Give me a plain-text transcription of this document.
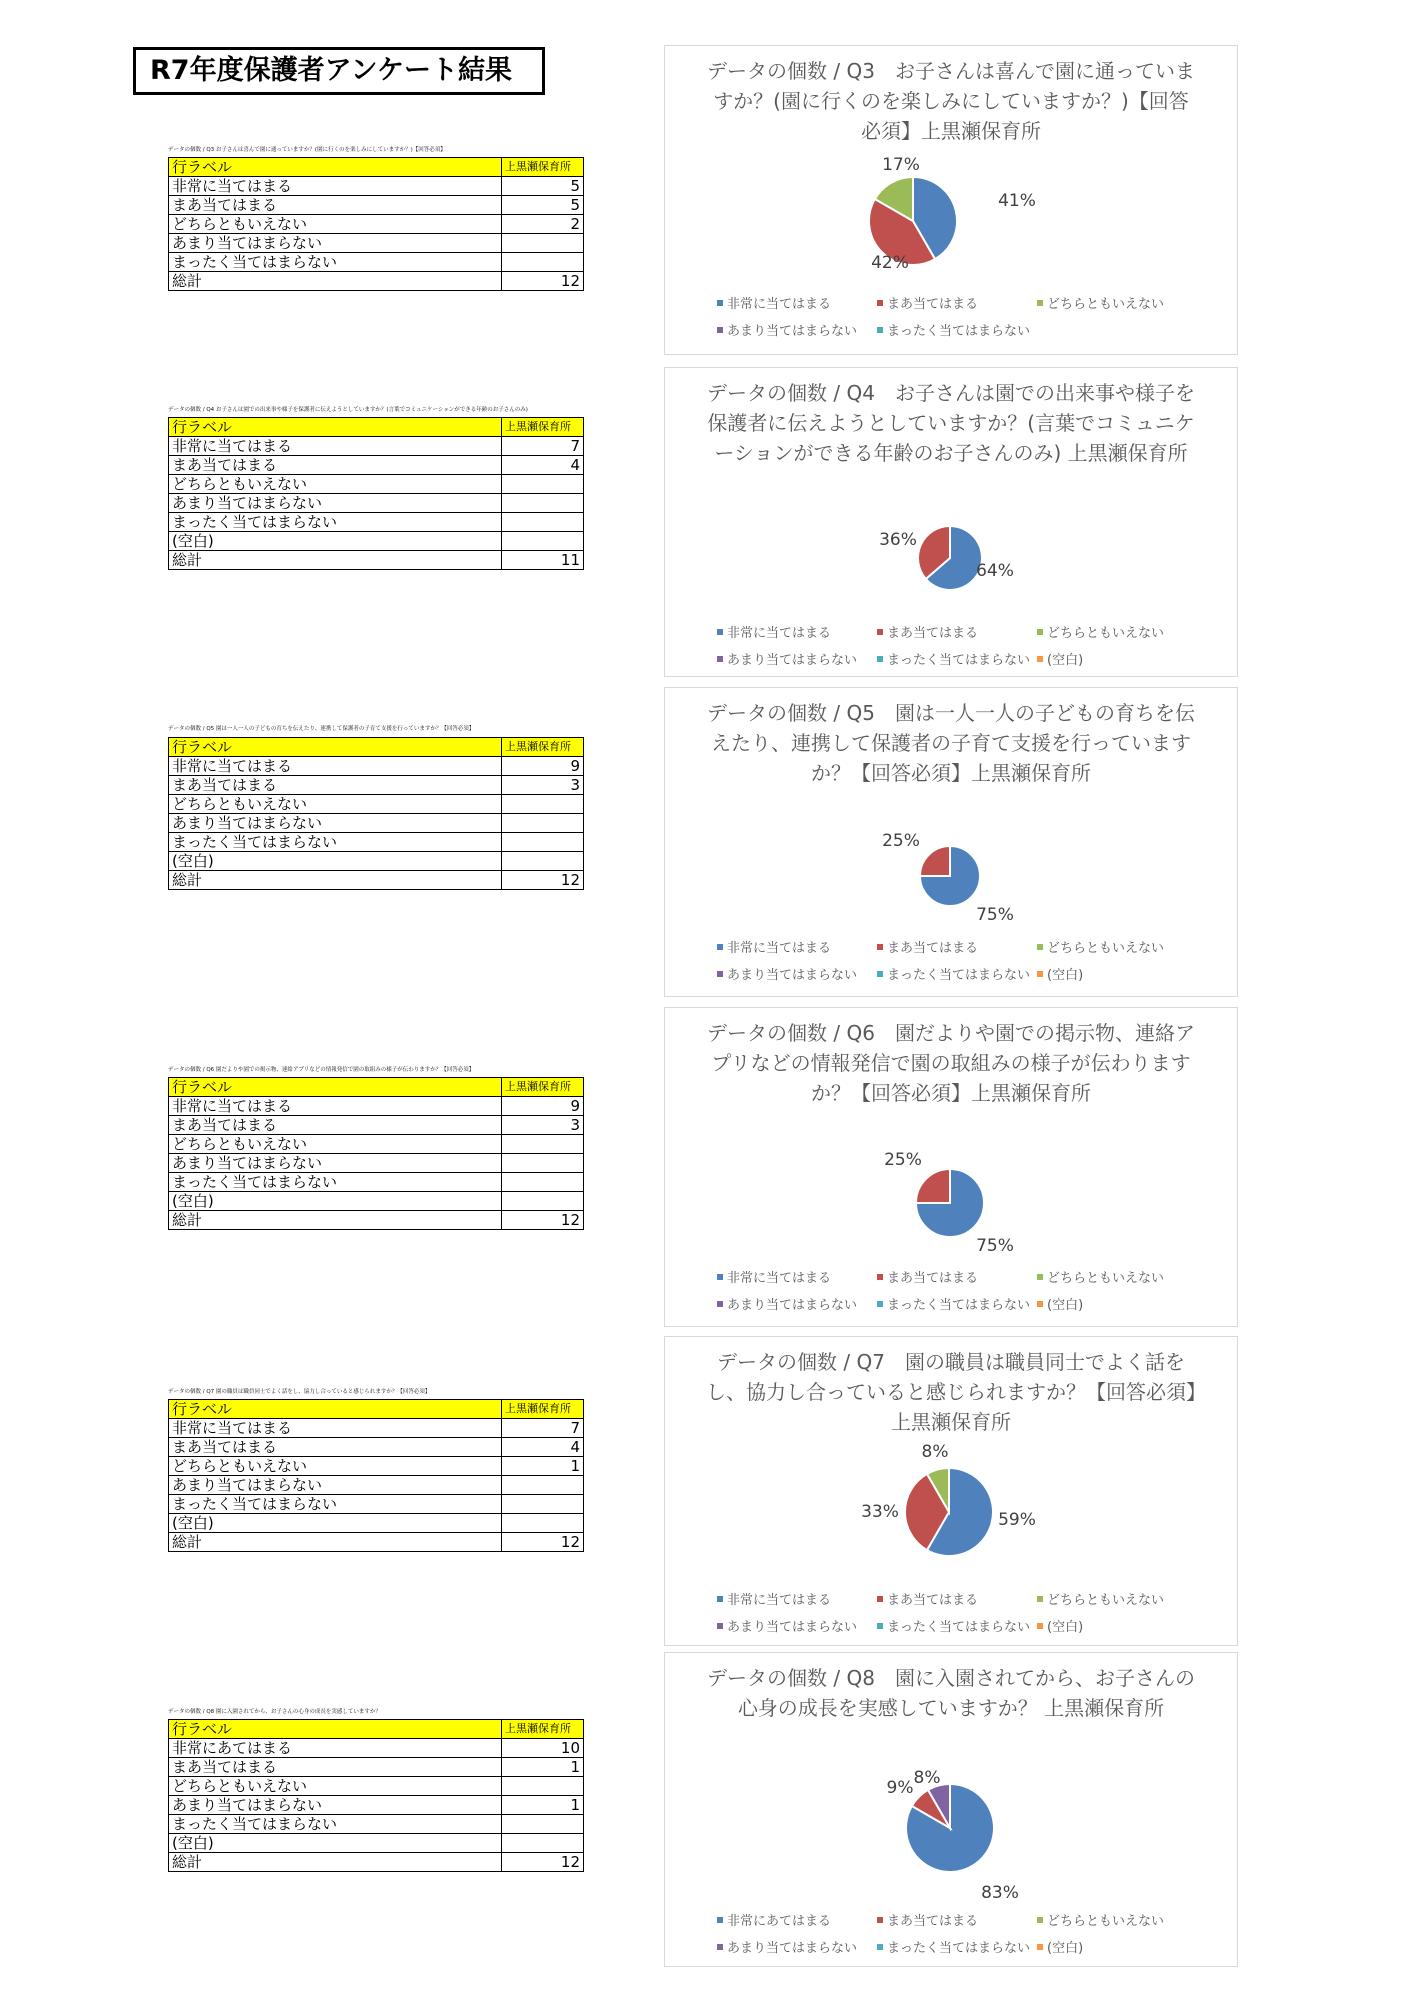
R7年度保護者アンケート結果
データの個数 / Q3 お子さんは喜んで園に通っていますか？(園に行くのを楽しみにしていますか？)【回答必須】
行ラベル	上黒瀬保育所
非常に当てはまる	5
まあ当てはまる	5
どちらともいえない	2
あまり当てはまらない	
まったく当てはまらない	
総計	12
データの個数 / Q3　お子さんは喜んで園に通っていますか？(園に行くのを楽しみにしていますか？)【回答必須】上黒瀬保育所
41%
42%
17%
非常に当てはまる	まあ当てはまる	どちらともいえない
あまり当てはまらない まったく当てはまらない
データの個数 / Q4 お子さんは園での出来事や様子を保護者に伝えようとしていますか？(言葉でコミュニケーションができる年齢のお子さんのみ)
行ラベル	上黒瀬保育所
非常に当てはまる	7
まあ当てはまる	4
どちらともいえない	
あまり当てはまらない	
まったく当てはまらない	
(空白)	
総計	11
データの個数 / Q4　お子さんは園での出来事や様子を保護者に伝えようとしていますか？(言葉でコミュニケーションができる年齢のお子さんのみ) 上黒瀬保育所
64%
36%
非常に当てはまる	まあ当てはまる	どちらともいえない
あまり当てはまらない まったく当てはまらない (空白)
データの個数 / Q5 園は一人一人の子どもの育ちを伝えたり、連携して保護者の子育て支援を行っていますか？【回答必須】
行ラベル	上黒瀬保育所
非常に当てはまる	9
まあ当てはまる	3
どちらともいえない	
あまり当てはまらない	
まったく当てはまらない	
(空白)	
総計	12
データの個数 / Q5　園は一人一人の子どもの育ちを伝えたり、連携して保護者の子育て支援を行っていますか？【回答必須】上黒瀬保育所
75%
25%
非常に当てはまる	まあ当てはまる	どちらともいえない
あまり当てはまらない まったく当てはまらない (空白)
データの個数 / Q6 園だよりや園での掲示物、連絡アプリなどの情報発信で園の取組みの様子が伝わりますか？【回答必須】
行ラベル	上黒瀬保育所
非常に当てはまる	9
まあ当てはまる	3
どちらともいえない	
あまり当てはまらない	
まったく当てはまらない	
(空白)	
総計	12
データの個数 / Q6　園だよりや園での掲示物、連絡アプリなどの情報発信で園の取組みの様子が伝わりますか？【回答必須】上黒瀬保育所
75%
25%
非常に当てはまる	まあ当てはまる	どちらともいえない
あまり当てはまらない まったく当てはまらない (空白)
データの個数 / Q7 園の職員は職員同士でよく話をし、協力し合っていると感じられますか？【回答必須】
行ラベル	上黒瀬保育所
非常に当てはまる	7
まあ当てはまる	4
どちらともいえない	1
あまり当てはまらない	
まったく当てはまらない	
(空白)	
総計	12
データの個数 / Q7　園の職員は職員同士でよく話をし、協力し合っていると感じられますか？【回答必須】上黒瀬保育所
59%
33%
8%
非常に当てはまる	まあ当てはまる	どちらともいえない
あまり当てはまらない まったく当てはまらない (空白)
データの個数 / Q8 園に入園されてから、お子さんの心身の成長を実感していますか？
行ラベル	上黒瀬保育所
非常にあてはまる	10
まあ当てはまる	1
どちらともいえない	
あまり当てはまらない	1
まったく当てはまらない	
(空白)	
総計	12
データの個数 / Q8　園に入園されてから、お子さんの心身の成長を実感していますか？ 上黒瀬保育所
83%
9% 8%
非常にあてはまる	まあ当てはまる	どちらともいえない
あまり当てはまらない まったく当てはまらない (空白)
